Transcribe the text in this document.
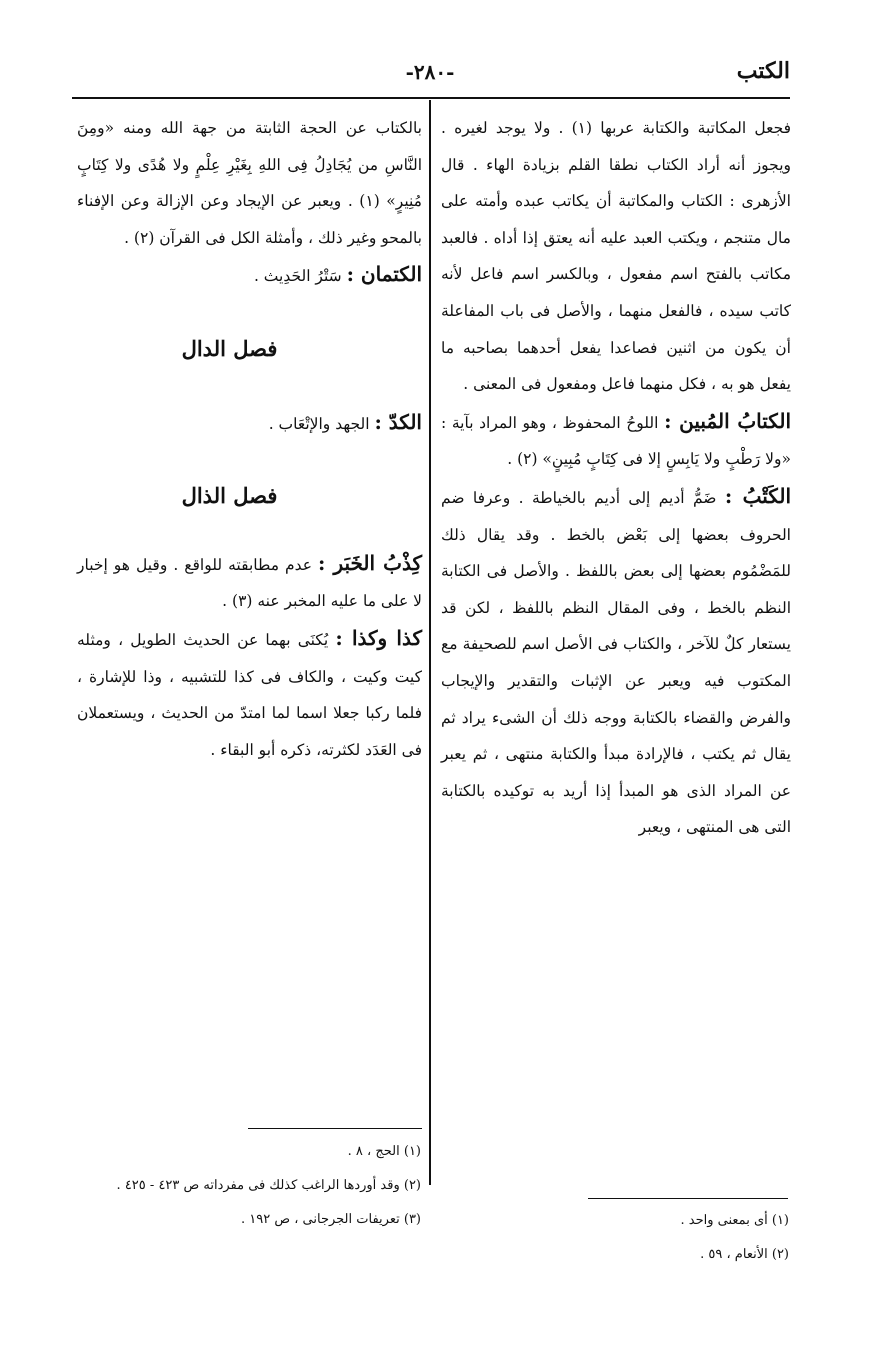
الكتب
-٢٨٠-

فجعل المكاتبة والكتابة عربها (١) . ولا يوجد لغيره . ويجوز أنه أراد الكتاب نطقا القلم بزيادة الهاء . قال الأزهرى : الكتاب والمكاتبة أن يكاتب عبده وأمته على مال متنجم ، ويكتب العبد عليه أنه يعتق إذا أداه . فالعبد مكاتب بالفتح اسم مفعول ، وبالكسر اسم فاعل لأنه كاتب سيده ، فالفعل منهما ، والأصل فى باب المفاعلة أن يكون من اثنين فصاعدا يفعل أحدهما بصاحبه ما يفعل هو به ، فكل منهما فاعل ومفعول فى المعنى .

الكتابُ المُبين : اللوحُ المحفوظ ، وهو المراد بآية : «ولا رَطْبٍ ولا يَابِسٍ إلا فى كِتَابٍ مُبِينٍ» (٢) .

الكَتْبُ : ضَمُّ أديم إلى أديم بالخياطة . وعرفا ضم الحروف بعضها إلى بَعْض بالخط . وقد يقال ذلك للمَضْمُوم بعضها إلى بعض باللفظ . والأصل فى الكتابة النظم بالخط ، وفى المقال النظم باللفظ ، لكن قد يستعار كلٌ للآخر ، والكتاب فى الأصل اسم للصحيفة مع المكتوب فيه ويعبر عن الإثبات والتقدير والإيجاب والفرض والقضاء بالكتابة ووجه ذلك أن الشىء يراد ثم يقال ثم يكتب ، فالإرادة مبدأ والكتابة منتهى ، ثم يعبر عن المراد الذى هو المبدأ إذا أريد به توكيده بالكتابة التى هى المنتهى ، ويعبر

بالكتاب عن الحجة الثابتة من جهة الله ومنه «ومِنَ النَّاسِ من يُجَادِلُ فِى اللهِ بِغَيْرِ عِلْمٍ ولا هُدًى ولا كِتَابٍ مُنِيرٍ» (١) . ويعبر عن الإيجاد وعن الإزالة وعن الإفناء بالمحو وغير ذلك ، وأمثلة الكل فى القرآن (٢) .

الكتمان : سَتْرُ الحَدِيث .

فصل الدال

الكدّ : الجهد والإتْعَاب .

فصل الذال

كِذْبُ الخَبَر : عدم مطابقته للواقع . وقيل هو إخبار لا على ما عليه المخبر عنه (٣) .

كذا وكذا : يُكنَى بهما عن الحديث الطويل ، ومثله كيت وكيت ، والكاف فى كذا للتشبيه ، وذا للإشارة ، فلما ركبا جعلا اسما لما امتدّ من الحديث ، ويستعملان فى العَدَد لكثرته، ذكره أبو البقاء .

(١) الحج ، ٨ .

(٢) وقد أوردها الراغب كذلك فى مفرداته ص ٤٢٣ - ٤٢٥ .

(٣) تعريفات الجرجانى ، ص ١٩٢ .	(١) أى بمعنى واحد .

(٢) الأنعام ، ٥٩ .
